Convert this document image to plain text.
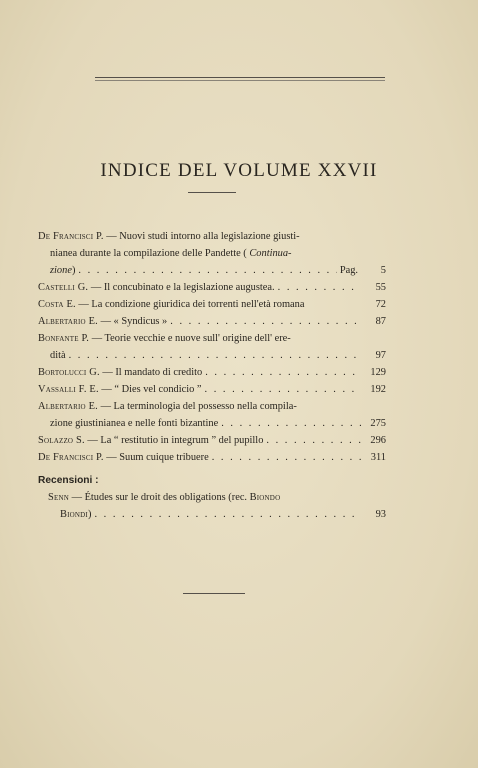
INDICE DEL VOLUME XXVII
De Francisci P. — Nuovi studi intorno alla legislazione giusti-
nianea durante la compilazione delle Pandette (
Continua-
zione ) . . .	Pag.	5
Castelli G.
— Il concubinato e la legislazione augustea. . . .	55
Costa E.
— La condizione giuridica dei torrenti nell'età romana	72
Albertario E.
— « Syndicus » . . .	87
Bonfante P.
— Teorie vecchie e nuove sull' origine dell' ere-
dità . . .	97
Bortolucci G.
— Il mandato di credito . . .	129
Vassalli F. E.
— “ Dies vel condicio ” . . .	192
Albertario E.
— La terminologia del possesso nella compila-
zione giustinianea e nelle fonti bizantine . . .	275
Solazzo S.
— La “ restitutio in integrum ” del pupillo . . .	296
De Francisci P.
— Suum cuique tribuere . . .	311
Recensioni :
Senn
— Études sur le droit des obligations (rec.
Biondo
Biondi ) . . .	93
